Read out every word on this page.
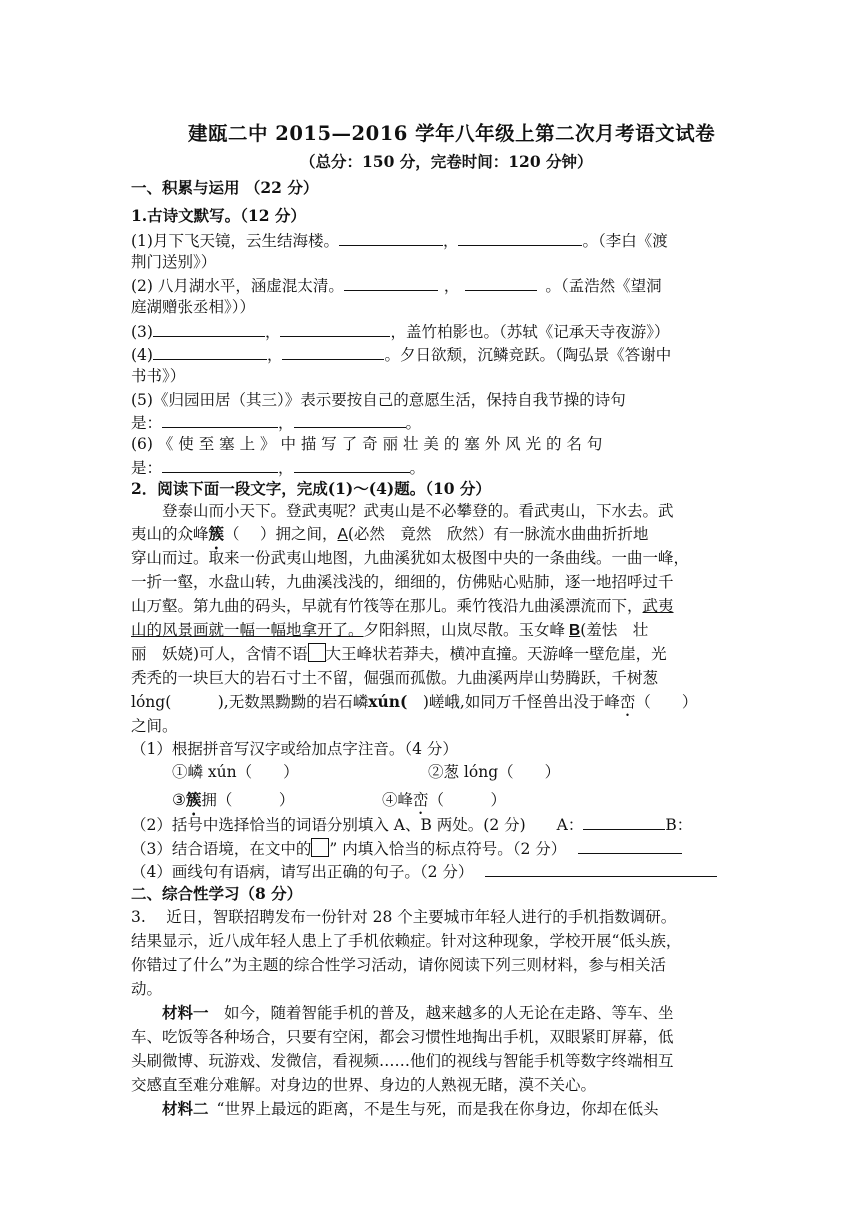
建瓯二中 2015—2016 学年八年级上第二次月考语文试卷
（总分：150 分，完卷时间：120 分钟）
一、积累与运用 （22 分）
1.古诗文默写。（12 分）
(1)月下飞天镜，云生结海楼。	，	。（李白《渡
荆门送别》）
(2) 八月湖水平，涵虚混太清。	，	。（孟浩然《望洞
庭湖赠张丞相》））
(3)	，	，盖竹柏影也。（苏轼《记承天寺夜游》）
(4)	，	。夕日欲颓，沉鳞竞跃。（陶弘景《答谢中
书书》）
(5)《归园田居（其三）》表示要按自己的意愿生活，保持自我节操的诗句
是：	，	。
(6) 《 使 至 塞 上 》 中 描 写 了 奇 丽 壮 美 的 塞 外 风 光 的 名 句
是：	，	。
2．阅读下面一段文字，完成(1)～(4)题。（10 分）
登泰山而小天下。登武夷呢？武夷山是不必攀登的。看武夷山，下水去。武
夷山的众峰簇（　 ）拥之间，A(必然　竟然　欣然）有一脉流水曲曲折折地
穿山而过。取来一份武夷山地图，九曲溪犹如太极图中央的一条曲线。一曲一峰，
一折一壑，水盘山转，九曲溪浅浅的，细细的，仿佛贴心贴肺，逐一地招呼过千
山万壑。第九曲的码头，早就有竹筏等在那儿。乘竹筏沿九曲溪漂流而下，武夷
山的风景画就一幅一幅地拿开了。夕阳斜照，山岚尽散。玉女峰 B(羞怯　壮
丽　妖娆)可人，含情不语 大王峰状若莽夫，横冲直撞。天游峰一壁危崖，光
秃秃的一块巨大的岩石寸土不留，倔强而孤傲。九曲溪两岸山势腾跃，千树葱
lóng(　　　),无数黑黝黝的岩石嶙xún(　)嵯峨,如同万千怪兽出没于峰峦（　　）
之间。
（1）根据拼音写汉字或给加点字注音。（4 分）
①嶙 xún（　　）	②葱 lóng（　　）
③簇拥（　　　）	④峰峦（　　　）
（2）括号中选择恰当的词语分别填入 A、B 两处。(2 分)　　A：	B：
（3）结合语境，在文中的 ” 内填入恰当的标点符号。（2 分）
（4）画线句有语病，请写出正确的句子。（2 分）
二、综合性学习（8 分）
3.　 近日，智联招聘发布一份针对 28 个主要城市年轻人进行的手机指数调研。
结果显示，近八成年轻人患上了手机依赖症。针对这种现象，学校开展“低头族，
你错过了什么”为主题的综合性学习活动，请你阅读下列三则材料，参与相关活
动。
材料一　如今，随着智能手机的普及，越来越多的人无论在走路、等车、坐
车、吃饭等各种场合，只要有空闲，都会习惯性地掏出手机，双眼紧盯屏幕，低
头刷微博、玩游戏、发微信，看视频……他们的视线与智能手机等数字终端相互
交感直至难分难解。对身边的世界、身边的人熟视无睹，漠不关心。
材料二 “世界上最远的距离，不是生与死，而是我在你身边，你却在低头
